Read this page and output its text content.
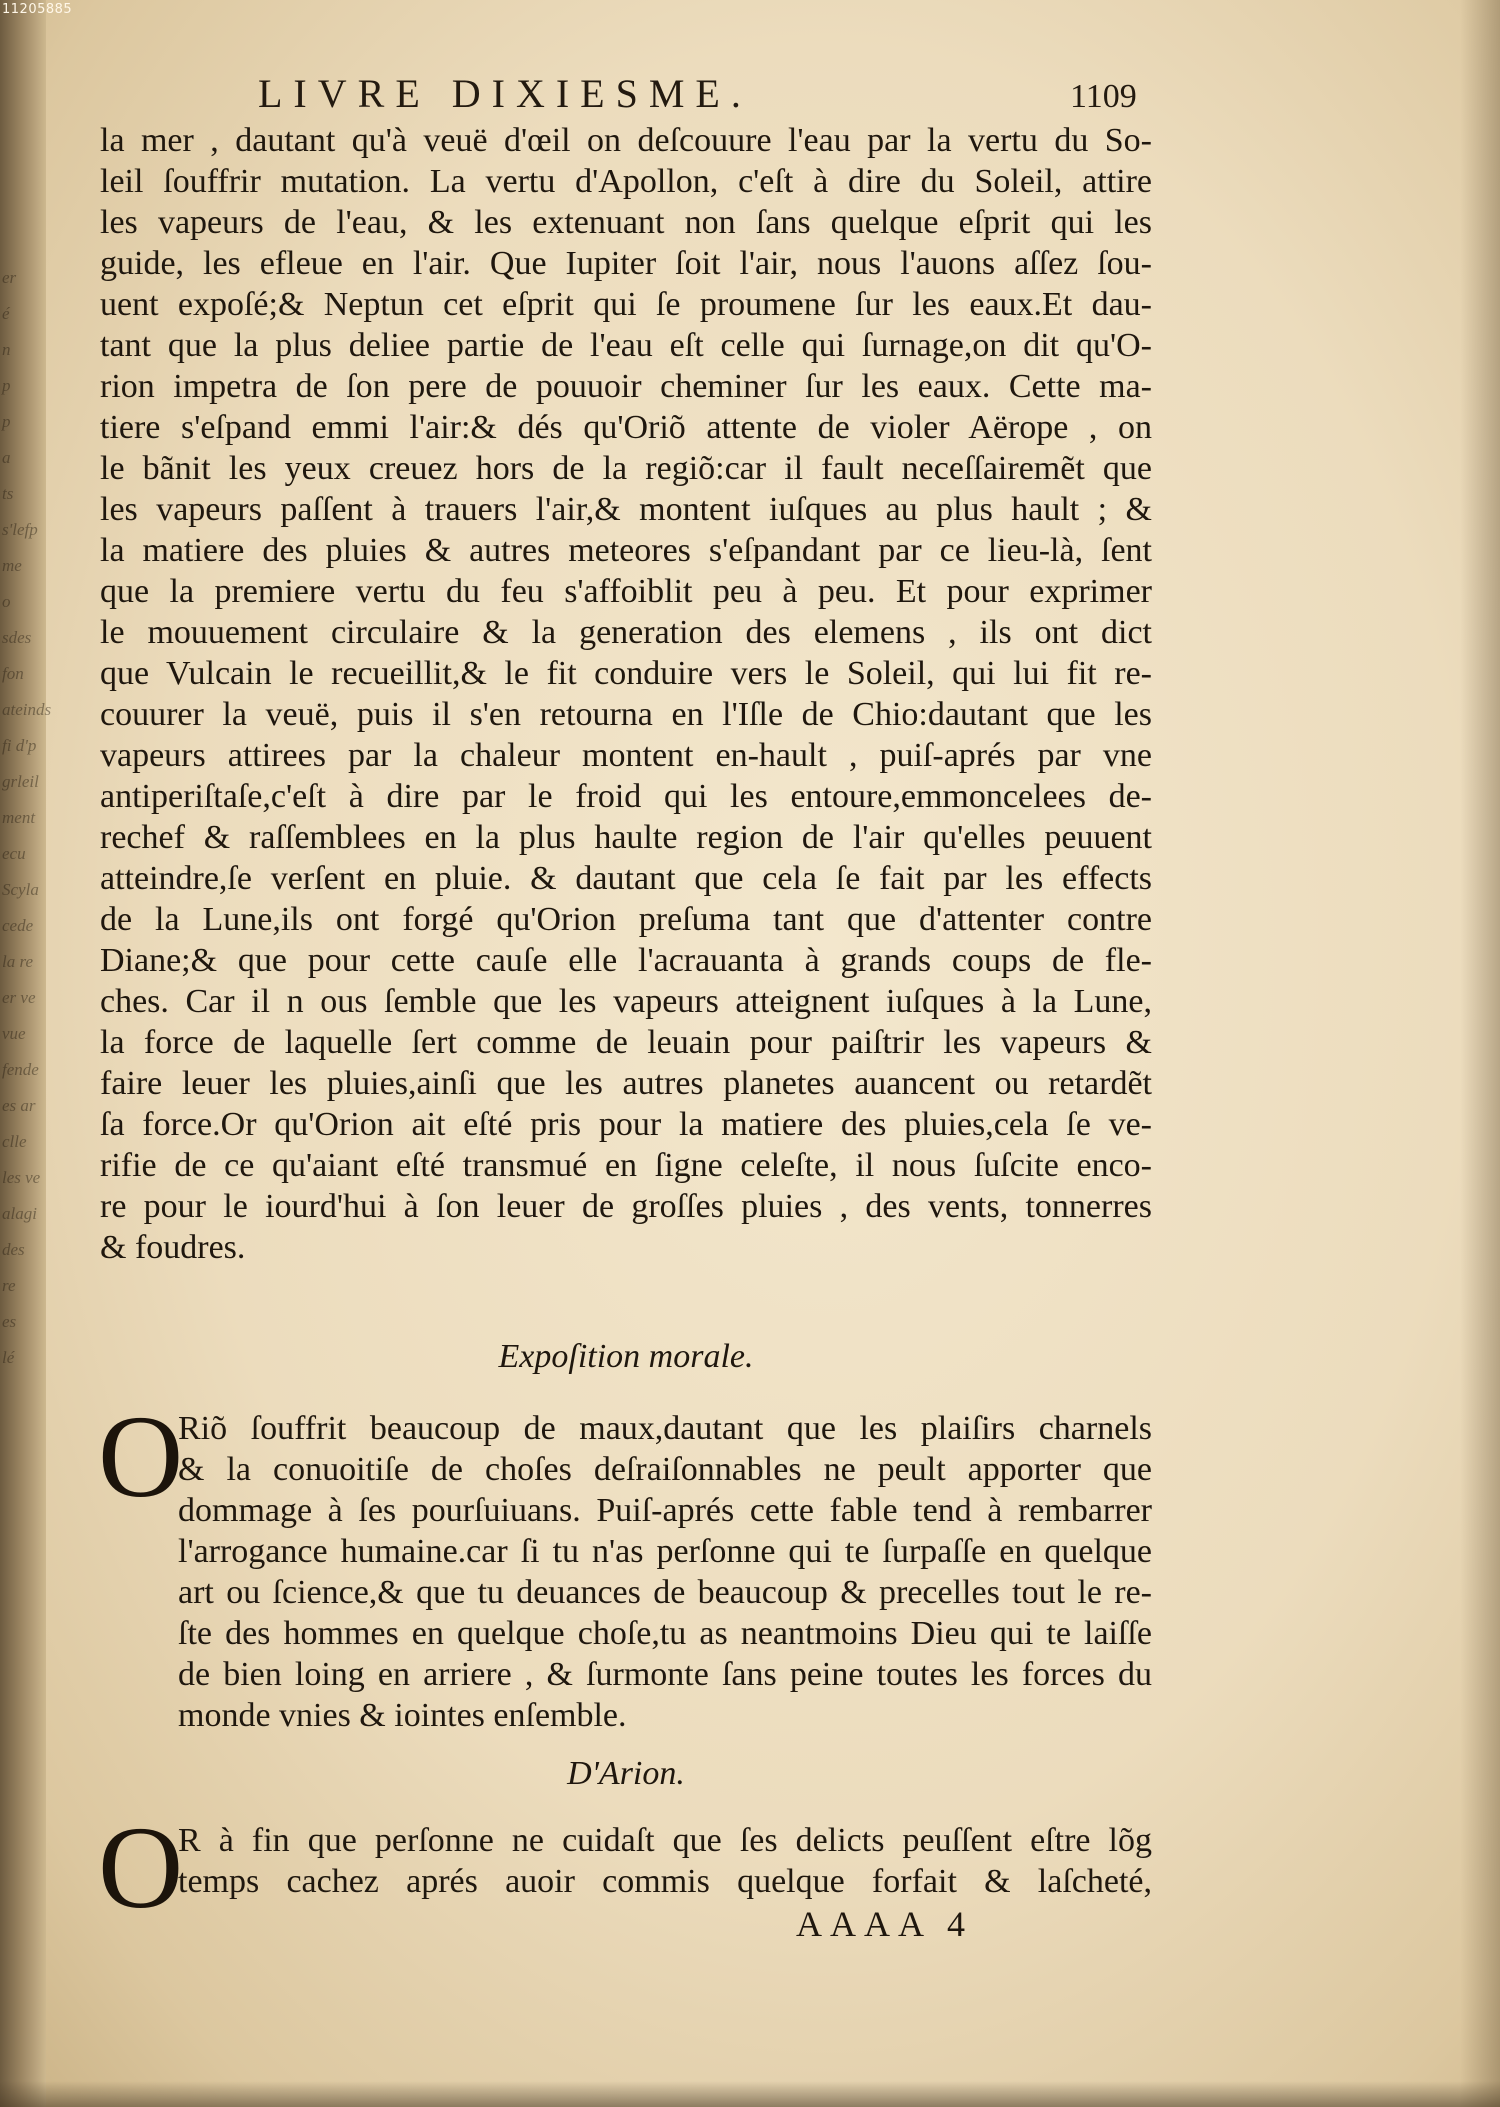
11205885
er
é
n
p
p
a
ts
s'lefp
me
o
sdes
fon
ateinds
fi d'p
grleil
ment
ecu
Scyla
cede
la re
er ve
vue
fende
es ar
clle
les ve
alagi
des
re
es
lé
LIVRE DIXIESME.	1109
la mer , dautant qu'à veuë d'œil on deſcouure l'eau par la vertu du So-
leil ſouffrir mutation. La vertu d'Apollon, c'eſt à dire du Soleil, attire
les vapeurs de l'eau, & les extenuant non ſans quelque eſprit qui les
guide, les efleue en l'air. Que Iupiter ſoit l'air, nous l'auons aſſez ſou-
uent expoſé;& Neptun cet eſprit qui ſe proumene ſur les eaux.Et dau-
tant que la plus deliee partie de l'eau eſt celle qui ſurnage,on dit qu'O-
rion impetra de ſon pere de pouuoir cheminer ſur les eaux. Cette ma-
tiere s'eſpand emmi l'air:& dés qu'Oriõ attente de violer Aërope , on
le bãnit les yeux creuez hors de la regiõ:car il fault neceſſairemẽt que
les vapeurs paſſent à trauers l'air,& montent iuſques au plus hault ; &
la matiere des pluies & autres meteores s'eſpandant par ce lieu-là, ſent
que la premiere vertu du feu s'affoiblit peu à peu. Et pour exprimer
le mouuement circulaire & la generation des elemens , ils ont dict
que Vulcain le recueillit,& le fit conduire vers le Soleil, qui lui fit re-
couurer la veuë, puis il s'en retourna en l'Iſle de Chio:dautant que les
vapeurs attirees par la chaleur montent en-hault , puiſ-aprés par vne
antiperiſtaſe,c'eſt à dire par le froid qui les entoure,emmoncelees de-
rechef & raſſemblees en la plus haulte region de l'air qu'elles peuuent
atteindre,ſe verſent en pluie. & dautant que cela ſe fait par les effects
de la Lune,ils ont forgé qu'Orion preſuma tant que d'attenter contre
Diane;& que pour cette cauſe elle l'acrauanta à grands coups de fle-
ches. Car il n ous ſemble que les vapeurs atteignent iuſques à la Lune,
la force de laquelle ſert comme de leuain pour paiſtrir les vapeurs &
faire leuer les pluies,ainſi que les autres planetes auancent ou retardẽt
ſa force.Or qu'Orion ait eſté pris pour la matiere des pluies,cela ſe ve-
rifie de ce qu'aiant eſté transmué en ſigne celeſte, il nous ſuſcite enco-
re pour le iourd'hui à ſon leuer de groſſes pluies , des vents, tonnerres
& foudres.
Expoſition morale.
O
Riõ ſouffrit beaucoup de maux,dautant que les plaiſirs charnels
& la conuoitiſe de choſes deſraiſonnables ne peult apporter que
dommage à ſes pourſuiuans. Puiſ-aprés cette fable tend à rembarrer
l'arrogance humaine.car ſi tu n'as perſonne qui te ſurpaſſe en quelque
art ou ſcience,& que tu deuances de beaucoup & precelles tout le re-
ſte des hommes en quelque choſe,tu as neantmoins Dieu qui te laiſſe
de bien loing en arriere , & ſurmonte ſans peine toutes les forces du
monde vnies & iointes enſemble.
D'Arion.
O
R à fin que perſonne ne cuidaſt que ſes delicts peuſſent eſtre lõg
temps cachez aprés auoir commis quelque forfait & laſcheté,
AAAA 4
